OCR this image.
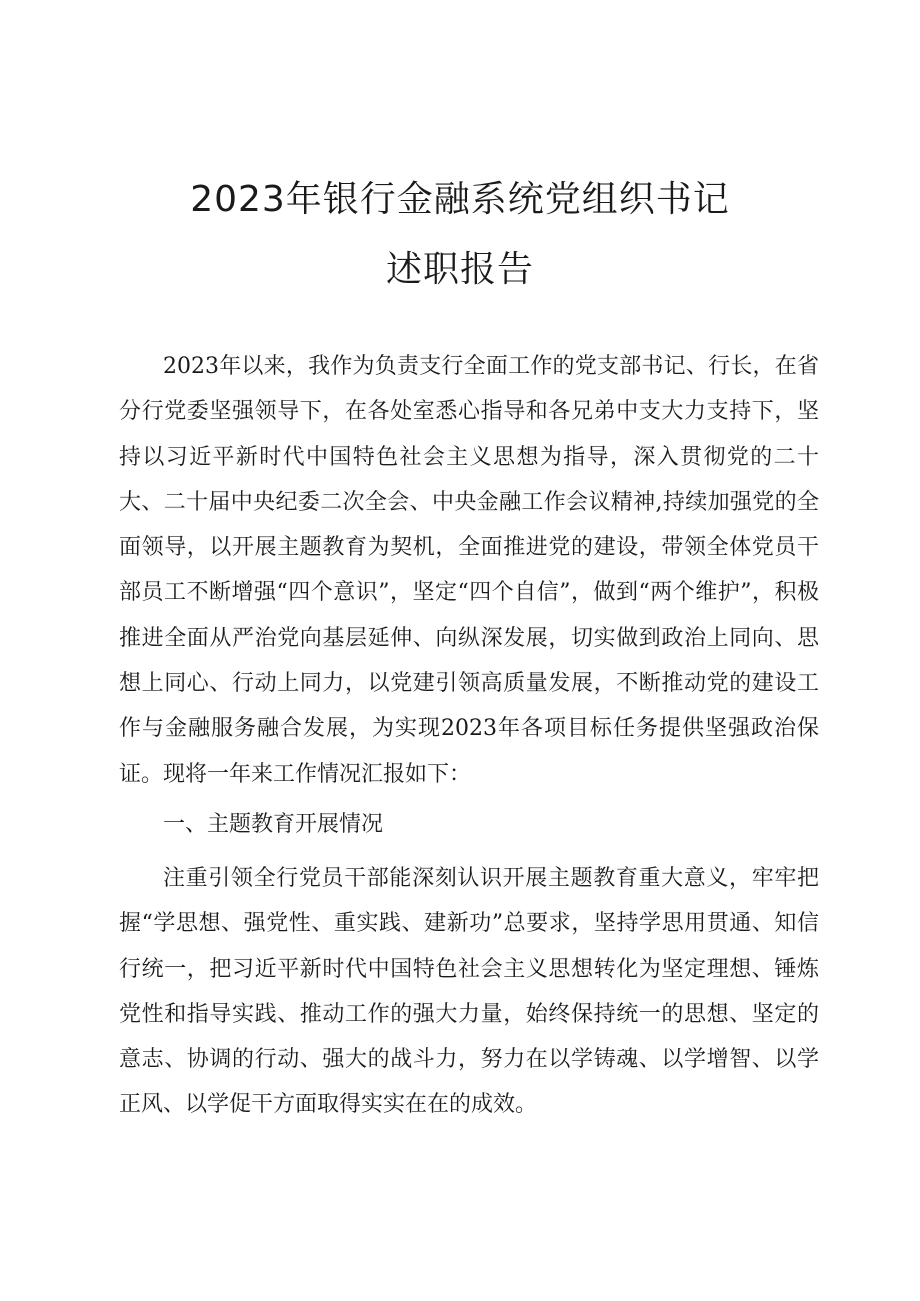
2023年银行金融系统党组织书记
述职报告

2023年以来，我作为负责支行全面工作的党支部书记、行长，在省分行党委坚强领导下，在各处室悉心指导和各兄弟中支大力支持下，坚持以习近平新时代中国特色社会主义思想为指导，深入贯彻党的二十大、二十届中央纪委二次全会、中央金融工作会议精神,持续加强党的全面领导，以开展主题教育为契机，全面推进党的建设，带领全体党员干部员工不断增强“四个意识”，坚定“四个自信”，做到“两个维护”，积极推进全面从严治党向基层延伸、向纵深发展，切实做到政治上同向、思想上同心、行动上同力，以党建引领高质量发展，不断推动党的建设工作与金融服务融合发展，为实现2023年各项目标任务提供坚强政治保证。现将一年来工作情况汇报如下：

一、主题教育开展情况

注重引领全行党员干部能深刻认识开展主题教育重大意义，牢牢把握“学思想、强党性、重实践、建新功”总要求，坚持学思用贯通、知信行统一，把习近平新时代中国特色社会主义思想转化为坚定理想、锤炼党性和指导实践、推动工作的强大力量，始终保持统一的思想、坚定的意志、协调的行动、强大的战斗力，努力在以学铸魂、以学增智、以学正风、以学促干方面取得实实在在的成效。
